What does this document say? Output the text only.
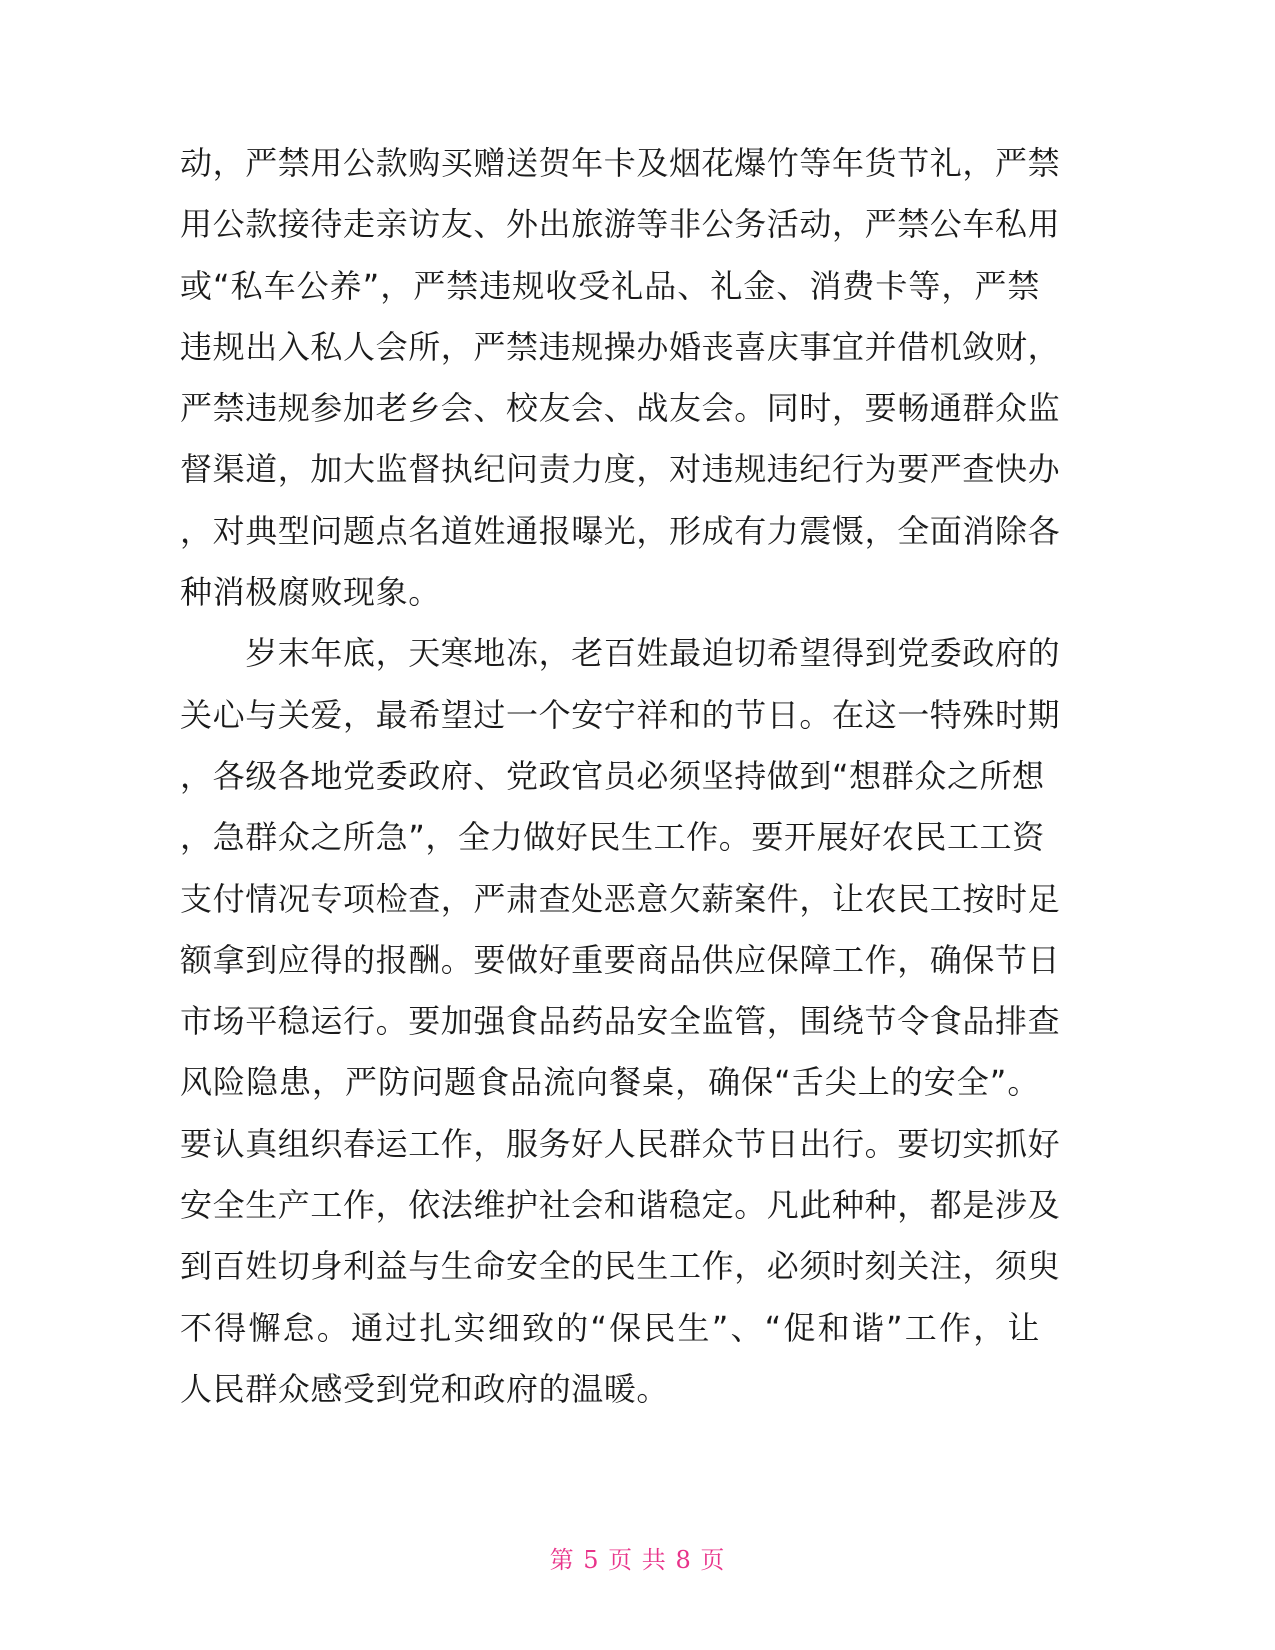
动，严禁用公款购买赠送贺年卡及烟花爆竹等年货节礼，严禁
用公款接待走亲访友、外出旅游等非公务活动，严禁公车私用
或“私车公养”，严禁违规收受礼品、礼金、消费卡等，严禁
违规出入私人会所，严禁违规操办婚丧喜庆事宜并借机敛财，
严禁违规参加老乡会、校友会、战友会。同时，要畅通群众监
督渠道，加大监督执纪问责力度，对违规违纪行为要严查快办
，对典型问题点名道姓通报曝光，形成有力震慑，全面消除各
种消极腐败现象。
　　岁末年底，天寒地冻，老百姓最迫切希望得到党委政府的
关心与关爱，最希望过一个安宁祥和的节日。在这一特殊时期
，各级各地党委政府、党政官员必须坚持做到“想群众之所想
，急群众之所急”，全力做好民生工作。要开展好农民工工资
支付情况专项检查，严肃查处恶意欠薪案件，让农民工按时足
额拿到应得的报酬。要做好重要商品供应保障工作，确保节日
市场平稳运行。要加强食品药品安全监管，围绕节令食品排查
风险隐患，严防问题食品流向餐桌，确保“舌尖上的安全”。
要认真组织春运工作，服务好人民群众节日出行。要切实抓好
安全生产工作，依法维护社会和谐稳定。凡此种种，都是涉及
到百姓切身利益与生命安全的民生工作，必须时刻关注，须臾
不得懈怠。通过扎实细致的“保民生”、“促和谐”工作，让
人民群众感受到党和政府的温暖。
第 5 页 共 8 页
